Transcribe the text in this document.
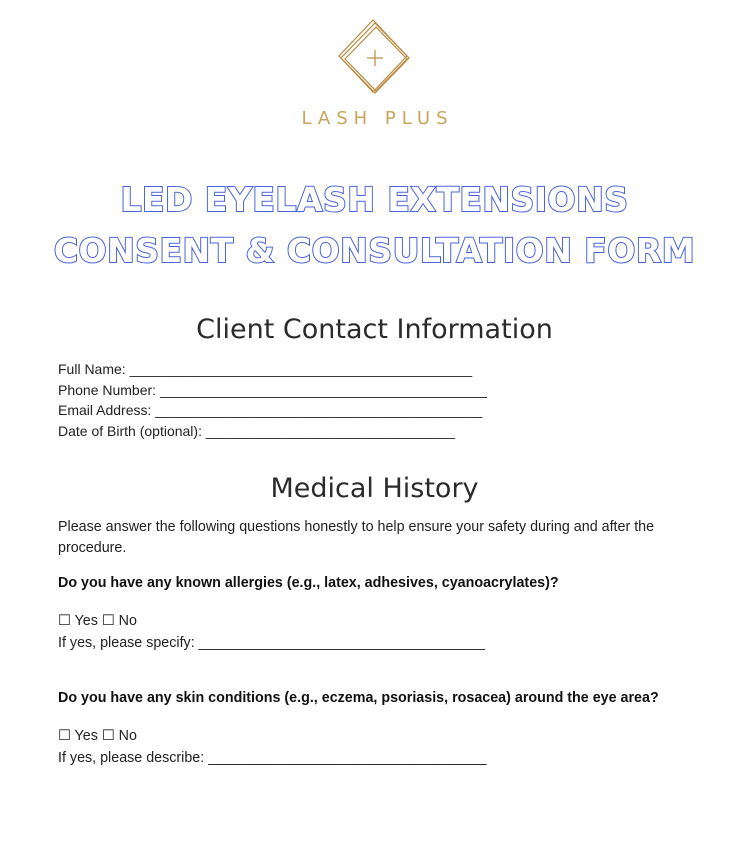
LASH PLUS
LED EYELASH EXTENSIONS
CONSENT & CONSULTATION FORM
Client Contact Information
Full Name: ____________________________________________
Phone Number: __________________________________________
Email Address: __________________________________________
Date of Birth (optional): ________________________________
Medical History
Please answer the following questions honestly to help ensure your safety during and after the procedure.
Do you have any known allergies (e.g., latex, adhesives, cyanoacrylates)?
☐ Yes ☐ No
If yes, please specify: ____________________________________
Do you have any skin conditions (e.g., eczema, psoriasis, rosacea) around the eye area?
☐ Yes ☐ No
If yes, please describe: ___________________________________
